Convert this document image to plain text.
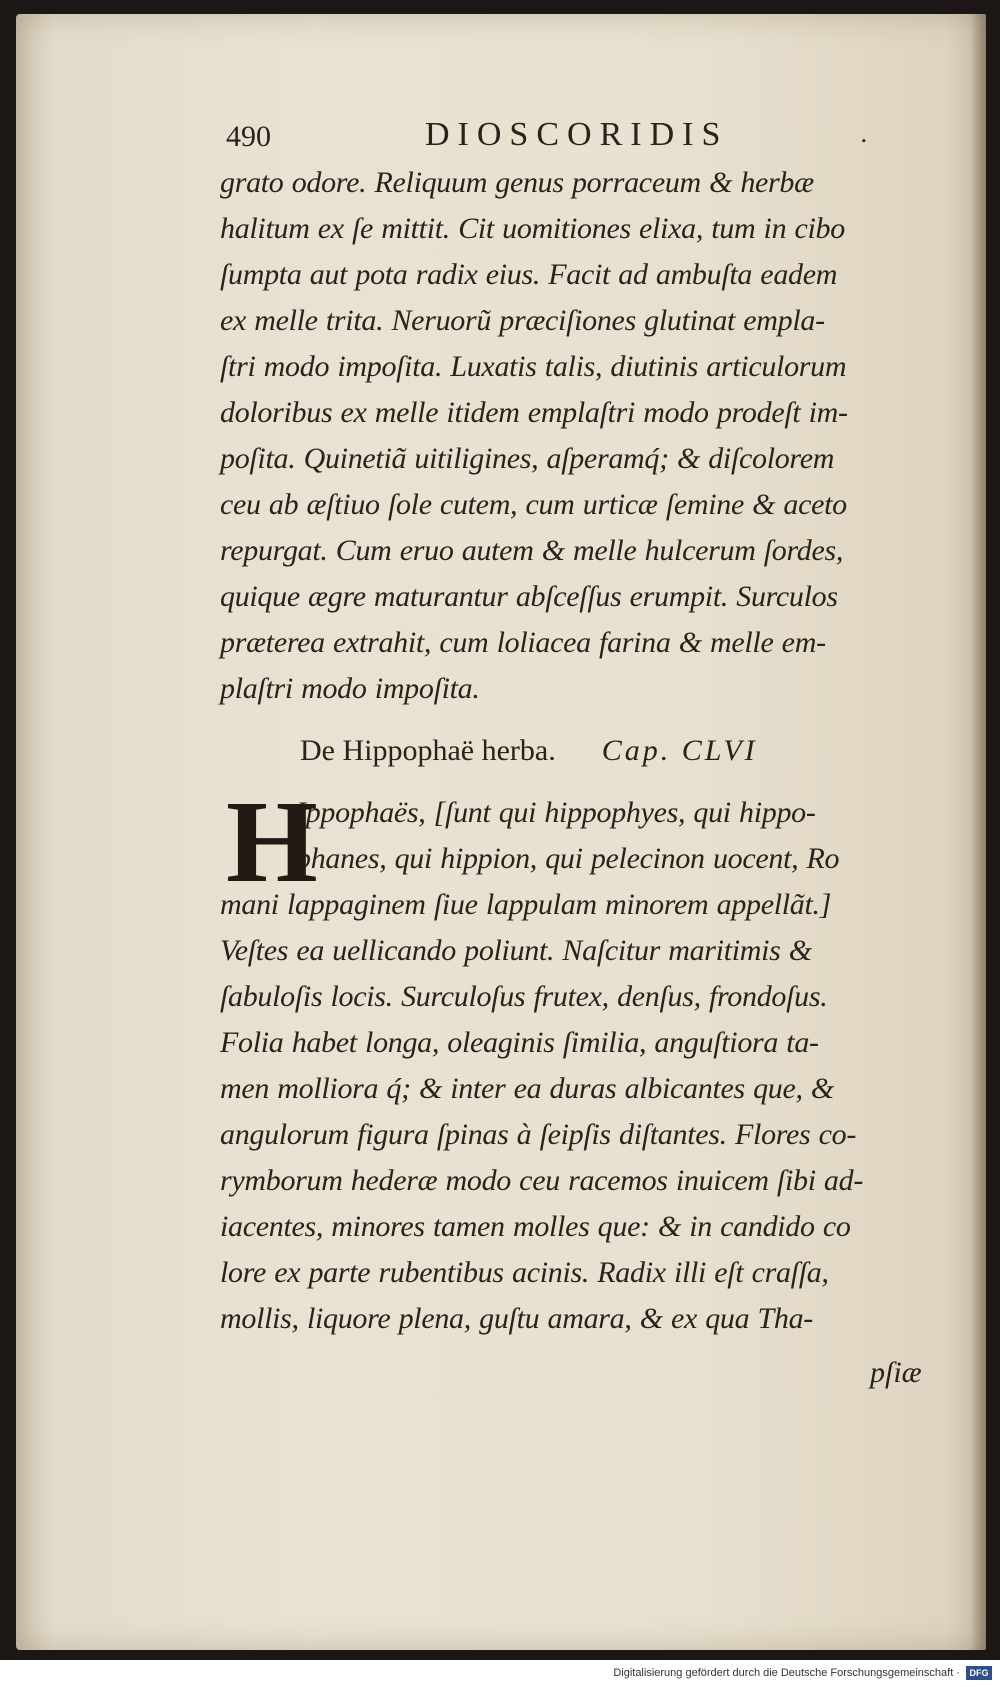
490	DIOSCORIDIS	.
grato odore. Reliquum genus porraceum & herbæ
halitum ex ſe mittit. Cit uomitiones elixa, tum in cibo
ſumpta aut pota radix eius. Facit ad ambuſta eadem
ex melle trita. Neruorũ præciſiones glutinat empla-
ſtri modo impoſita. Luxatis talis, diutinis articulorum
doloribus ex melle itidem emplaſtri modo prodeſt im-
poſita. Quinetiã uitiligines, aſperamq́; & diſcolorem
ceu ab æſtiuo ſole cutem, cum urticæ ſemine & aceto
repurgat. Cum eruo autem & melle hulcerum ſordes,
quique ægre maturantur abſceſſus erumpit. Surculos
præterea extrahit, cum loliacea farina & melle em-
plaſtri modo impoſita.
De Hippophaë herba. Cap. CLVI
H
Ippophaës, [ſunt qui hippophyes, qui hippo-
phanes, qui hippion, qui pelecinon uocent, Ro
mani lappaginem ſiue lappulam minorem appellãt.]
Veſtes ea uellicando poliunt. Naſcitur maritimis &
ſabuloſis locis. Surculoſus frutex, denſus, frondoſus.
Folia habet longa, oleaginis ſimilia, anguſtiora ta-
men molliora q́; & inter ea duras albicantes que, &
angulorum figura ſpinas à ſeipſis diſtantes. Flores co-
rymborum hederæ modo ceu racemos inuicem ſibi ad-
iacentes, minores tamen molles que: & in candido co
lore ex parte rubentibus acinis. Radix illi eſt craſſa,
mollis, liquore plena, guſtu amara, & ex qua Tha-
pſiæ
Digitalisierung gefördert durch die Deutsche Forschungsgemeinschaft ·	DFG
